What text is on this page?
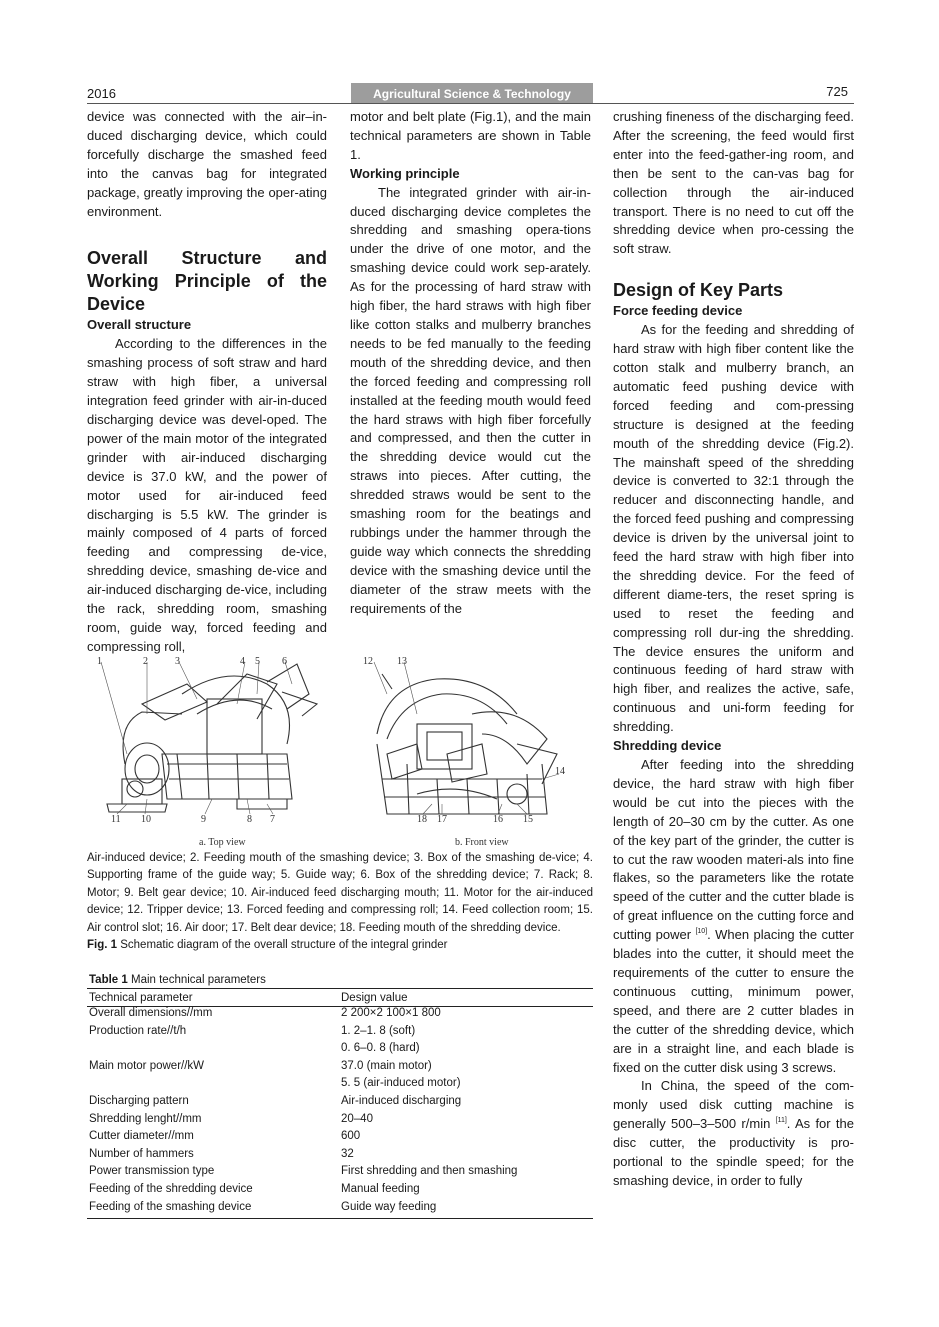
2016	Agricultural Science & Technology	725

device was connected with the air–in-duced discharging device, which could forcefully discharge the smashed feed into the canvas bag for integrated package, greatly improving the oper-ating environment.

Overall Structure and Working Principle of the Device
Overall structure

According to the differences in the smashing process of soft straw and hard straw with high fiber, a universal integration feed grinder with air-in-duced discharging device was devel-oped. The power of the main motor of the integrated grinder with air-induced discharging device is 37.0 kW, and the power of motor used for air-induced feed discharging is 5.5 kW. The grinder is mainly composed of 4 parts of forced feeding and compressing de-vice, shredding device, smashing de-vice and air-induced discharging de-vice, including the rack, shredding room, smashing room, guide way, forced feeding and compressing roll,

motor and belt plate (Fig.1), and the main technical parameters are shown in Table 1.

Working principle

The integrated grinder with air-in-duced discharging device completes the shredding and smashing opera-tions under the drive of one motor, and the smashing device could work sep-arately. As for the processing of hard straw with high fiber, the hard straws with high fiber like cotton stalks and mulberry branches needs to be fed manually to the feeding mouth of the shredding device, and then the forced feeding and compressing roll installed at the feeding mouth would feed the hard straws with high fiber forcefully and compressed, and then the cutter in the shredding device would cut the straws into pieces. After cutting, the shredded straws would be sent to the smashing room for the beatings and rubbings under the hammer through the guide way which connects the shredding device with the smashing device until the diameter of the straw meets with the requirements of the

crushing fineness of the discharging feed. After the screening, the feed would first enter into the feed-gather-ing room, and then be sent to the can-vas bag for collection through the air-induced transport. There is no need to cut off the shredding device when pro-cessing the soft straw.

Design of Key Parts
Force feeding device

As for the feeding and shredding of hard straw with high fiber content like the cotton stalk and mulberry branch, an automatic feed pushing device with forced feeding and com-pressing structure is designed at the feeding mouth of the shredding device (Fig.2). The mainshaft speed of the shredding device is converted to 32:1 through the reducer and disconnecting handle, and the forced feed pushing and compressing device is driven by the universal joint to feed the hard straw with high fiber into the shredding device. For the feed of different diame-ters, the reset spring is used to reset the feeding and compressing roll dur-ing the shredding. The device ensures the uniform and continuous feeding of hard straw with high fiber, and realizes the active, safe, continuous and uni-form feeding for shredding.

Shredding device

After feeding into the shredding device, the hard straw with high fiber would be cut into the pieces with the length of 20–30 cm by the cutter. As one of the key part of the grinder, the cutter is to cut the raw wooden materi-als into fine flakes, so the parameters like the rotate speed of the cutter and the cutter blade is of great influence on the cutting force and cutting power [10]. When placing the cutter blades into the cutter, it should meet the requirements of the cutter to ensure the continuous cutting, minimum power, speed, and there are 2 cutter blades in the cutter of the shredding device, which are in a straight line, and each blade is fixed on the cutter disk using 3 screws.

In China, the speed of the com-monly used disk cutting machine is generally 500–3–500 r/min [11]. As for the disc cutter, the productivity is pro-portional to the spindle speed; for the smashing device, in order to fully

1	2	3	4 5 6
11 10	9	8 7
12 13
14
18 17	16 15
a. Top view	b. Front view

Air-induced device; 2. Feeding mouth of the smashing device; 3. Box of the smashing de-vice; 4. Supporting frame of the guide way; 5. Guide way; 6. Box of the shredding device; 7. Rack; 8. Motor; 9. Belt gear device; 10. Air-induced feed discharging mouth; 11. Motor for the air-induced device; 12. Tripper device; 13. Forced feeding and compressing roll; 14. Feed collection room; 15. Air control slot; 16. Air door; 17. Belt dear device; 18. Feeding mouth of the shredding device.

Fig. 1 Schematic diagram of the overall structure of the integral grinder

Table 1 Main technical parameters
Technical parameter	Design value
Overall dimensions//mm	2 200×2 100×1 800
Production rate//t/h	1. 2–1. 8 (soft)
	0. 6–0. 8 (hard)
Main motor power//kW	37.0 (main motor)
	5. 5 (air-induced motor)
Discharging pattern	Air-induced discharging
Shredding lenght//mm	20–40
Cutter diameter//mm	600
Number of hammers	32
Power transmission type	First shredding and then smashing
Feeding of the shredding device	Manual feeding
Feeding of the smashing device	Guide way feeding
